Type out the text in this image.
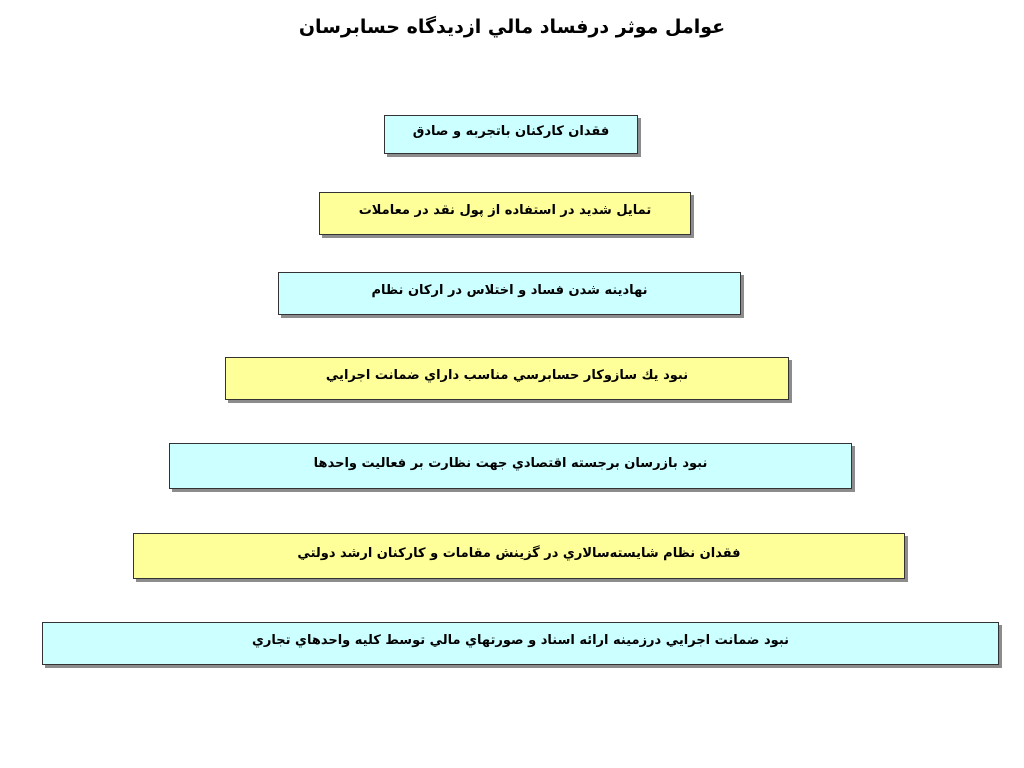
عوامل موثر درفساد مالي ازديدگاه حسابرسان
فقدان کارکنان باتجربه و صادق
تمايل شديد در استفاده از پول نقد در معاملات
نهادينه شدن فساد و اختلاس در ارکان نظام
نبود يك سازوکار حسابرسي مناسب داراي ضمانت اجرايي
نبود بازرسان برجسته اقتصادي جهت نظارت بر فعاليت واحدها
فقدان نظام شايسته‌سالاري در گزينش مقامات و کارکنان ارشد دولتي
نبود ضمانت اجرايي درزمينه ارائه اسناد و صورتهاي مالي توسط کليه واحدهاي تجاري
